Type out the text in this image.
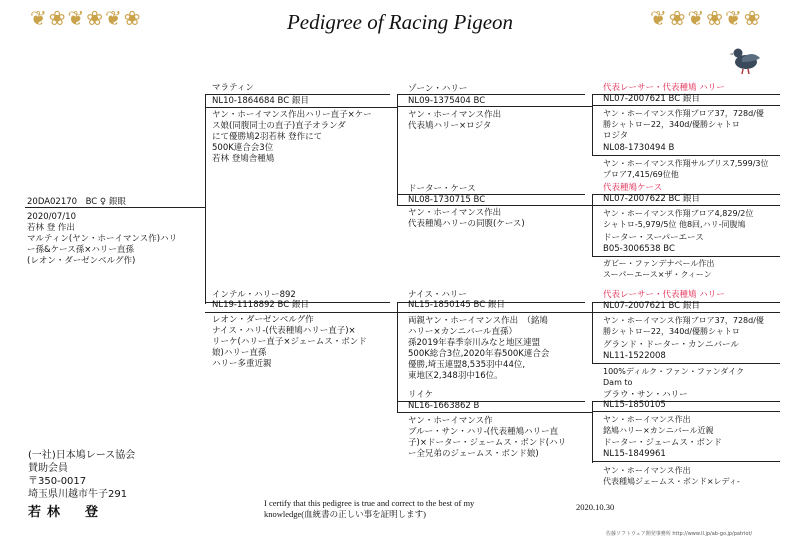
❦❀❦❀❦❀	❦❀❦❀❦❀
Pedigree of Racing Pigeon
20DA02170　BC ♀ 銀眼
2020/07/10
若林 登 作出
マルティン(ヤン・ホーイマンス作)ハリ
ー孫&ケース孫×ハリー直孫
(レオン・ダーゼンベルグ作)
マラティン
NL10-1864684 BC 銀目
ヤン・ホーイマンス作出ハリー直子×ケー
ス娘(同腹同士の直子)直子オランダ
にて優勝鳩2羽若林 登作にて
500K連合会3位
若林 登鳩舎種鳩
インテル・ハリー892
NL19-1118892 BC 銀目
レオン・ダーゼンベルグ作
ナイス・ハリ-(代表種鳩ハリー直子)×
リーケ(ハリー直子×ジェームス・ボンド
娘)ハリー直孫
ハリー多重近親
ゾーン・ハリー
NL09-1375404 BC
ヤン・ホーイマンス作出
代表鳩ハリー×ロジタ
ドーター・ケース
NL08-1730715 BC
ヤン・ホーイマンス作出
代表種鳩ハリーの同腹(ケース)
ナイス・ハリー
NL15-1850145 BC 銀目
両親ヤン・ホーイマンス作出　（銘鳩
ハリー×カンニバール直孫）
孫2019年春季奈川みなと地区連盟
500K総合3位,2020年春500K連合会
優勝,埼玉連盟8,535羽中44位,
東地区2,348羽中16位。
リイケ
NL16-1663862 B
ヤン・ホーイマンス作
ブルー・サン・ハリ-(代表種鳩ハリー直
子)×ドーター・ジェームス・ボンド(ハリ
ー全兄弟のジェームス・ボンド娘)
代表レーサー・代表種鳩 ハリー
NL07-2007621 BC 銀目
ヤン・ホーイマンス作翔プロア37，728d/優
勝シャトロー22，340d/優勝シャトロ
ロジタ
NL08-1730494 B
ヤン・ホーイマンス作翔サルブリス7,599/3位
プロア7,415/69位他
代表種鳩ケース
NL07-2007622 BC 銀目
ヤン・ホーイマンス作翔ブロア4,829/2位
シャトロ-5,979/5位 他8回,ハリ-同腹鳩
ドーター・スーパーエース
B05-3006538 BC
ガビー・ファンデナベール作出
スーパーエース×ザ・クィーン
代表レーサー・代表種鳩 ハリー
NL07-2007621 BC 銀目
ヤン・ホーイマンス作翔ブロア37，728d/優
勝シャトロー22，340d/優勝シャトロ
グランド・ドーター・カンニバール
NL11-1522008
100%ディルク・ファン・ファンダイク
Dam to
ブラウ・サン・ハリー
NL15-1850105
ヤン・ホーイマンス作出
銘鳩ハリー×カンニバール近親
ドーター・ジェームス・ボンド
NL15-1849961
ヤン・ホーイマンス作出
代表種鳩ジェームス・ボンド×レディ-
(一社)日本鳩レース協会
賛助会員
〒350-0017
埼玉県川越市牛子291
若林　登
I certify that this pedigree is true and correct to the best of my
knowledge(血統書の正しい事を証明します)
2020.10.30
佐藤ソフトウェア開発事務所 http://www.ll.jp/ab-go.jp/patriot/
